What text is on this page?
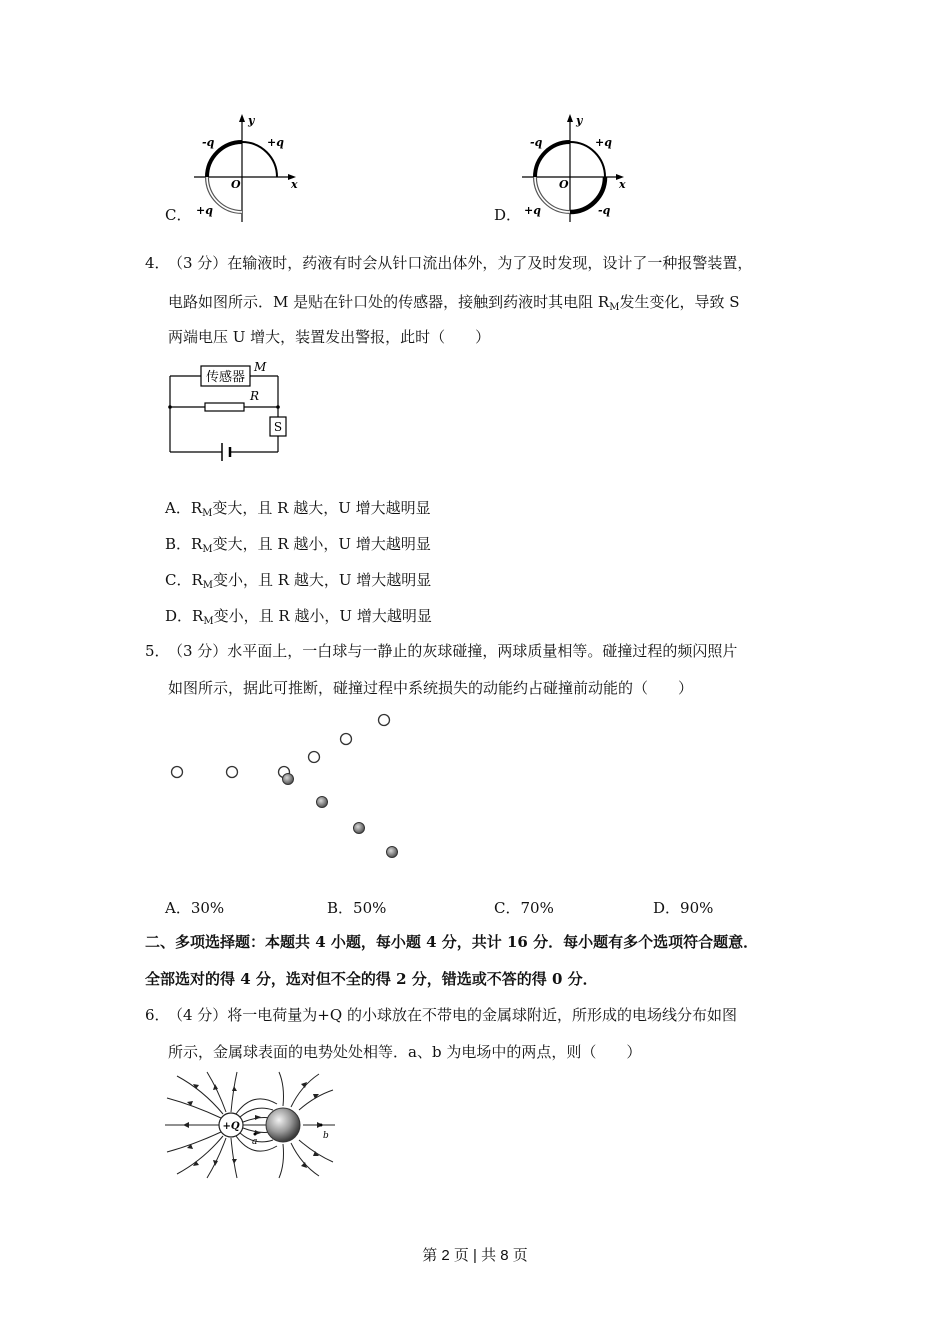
C．
y
x
O
-q	+q
+q	D．
y
x
O
-q	+q
+q	-q
4．
（3 分）在输液时，药液有时会从针口流出体外，为了及时发现，设计了一种报警装置，
电路如图所示．M 是贴在针口处的传感器，接触到药液时其电阻 $R_M$发生变化，导致 S
两端电压 U 增大，装置发出警报，此时（　　）
传感器
M
R
S
A．$R_M$变大，且 R 越大，U 增大越明显
B．$R_M$变大，且 R 越小，U 增大越明显
C．$R_M$变小，且 R 越大，U 增大越明显
D．$R_M$变小，且 R 越小，U 增大越明显
5．
（3 分）水平面上，一白球与一静止的灰球碰撞，两球质量相等。碰撞过程的频闪照片
如图所示，据此可推断，碰撞过程中系统损失的动能约占碰撞前动能的（　　）
A．30%	B．50%	C．70%	D．90%
二、多项选择题：本题共 4 小题，每小题 4 分，共计 16 分．每小题有多个选项符合题意．
全部选对的得 4 分，选对但不全的得 2 分，错选或不答的得 0 分．
6．
（4 分）将一电荷量为+Q 的小球放在不带电的金属球附近，所形成的电场线分布如图
所示，金属球表面的电势处处相等．a、b 为电场中的两点，则（　　）
+Q
a
b
第 2 页 | 共 8 页
